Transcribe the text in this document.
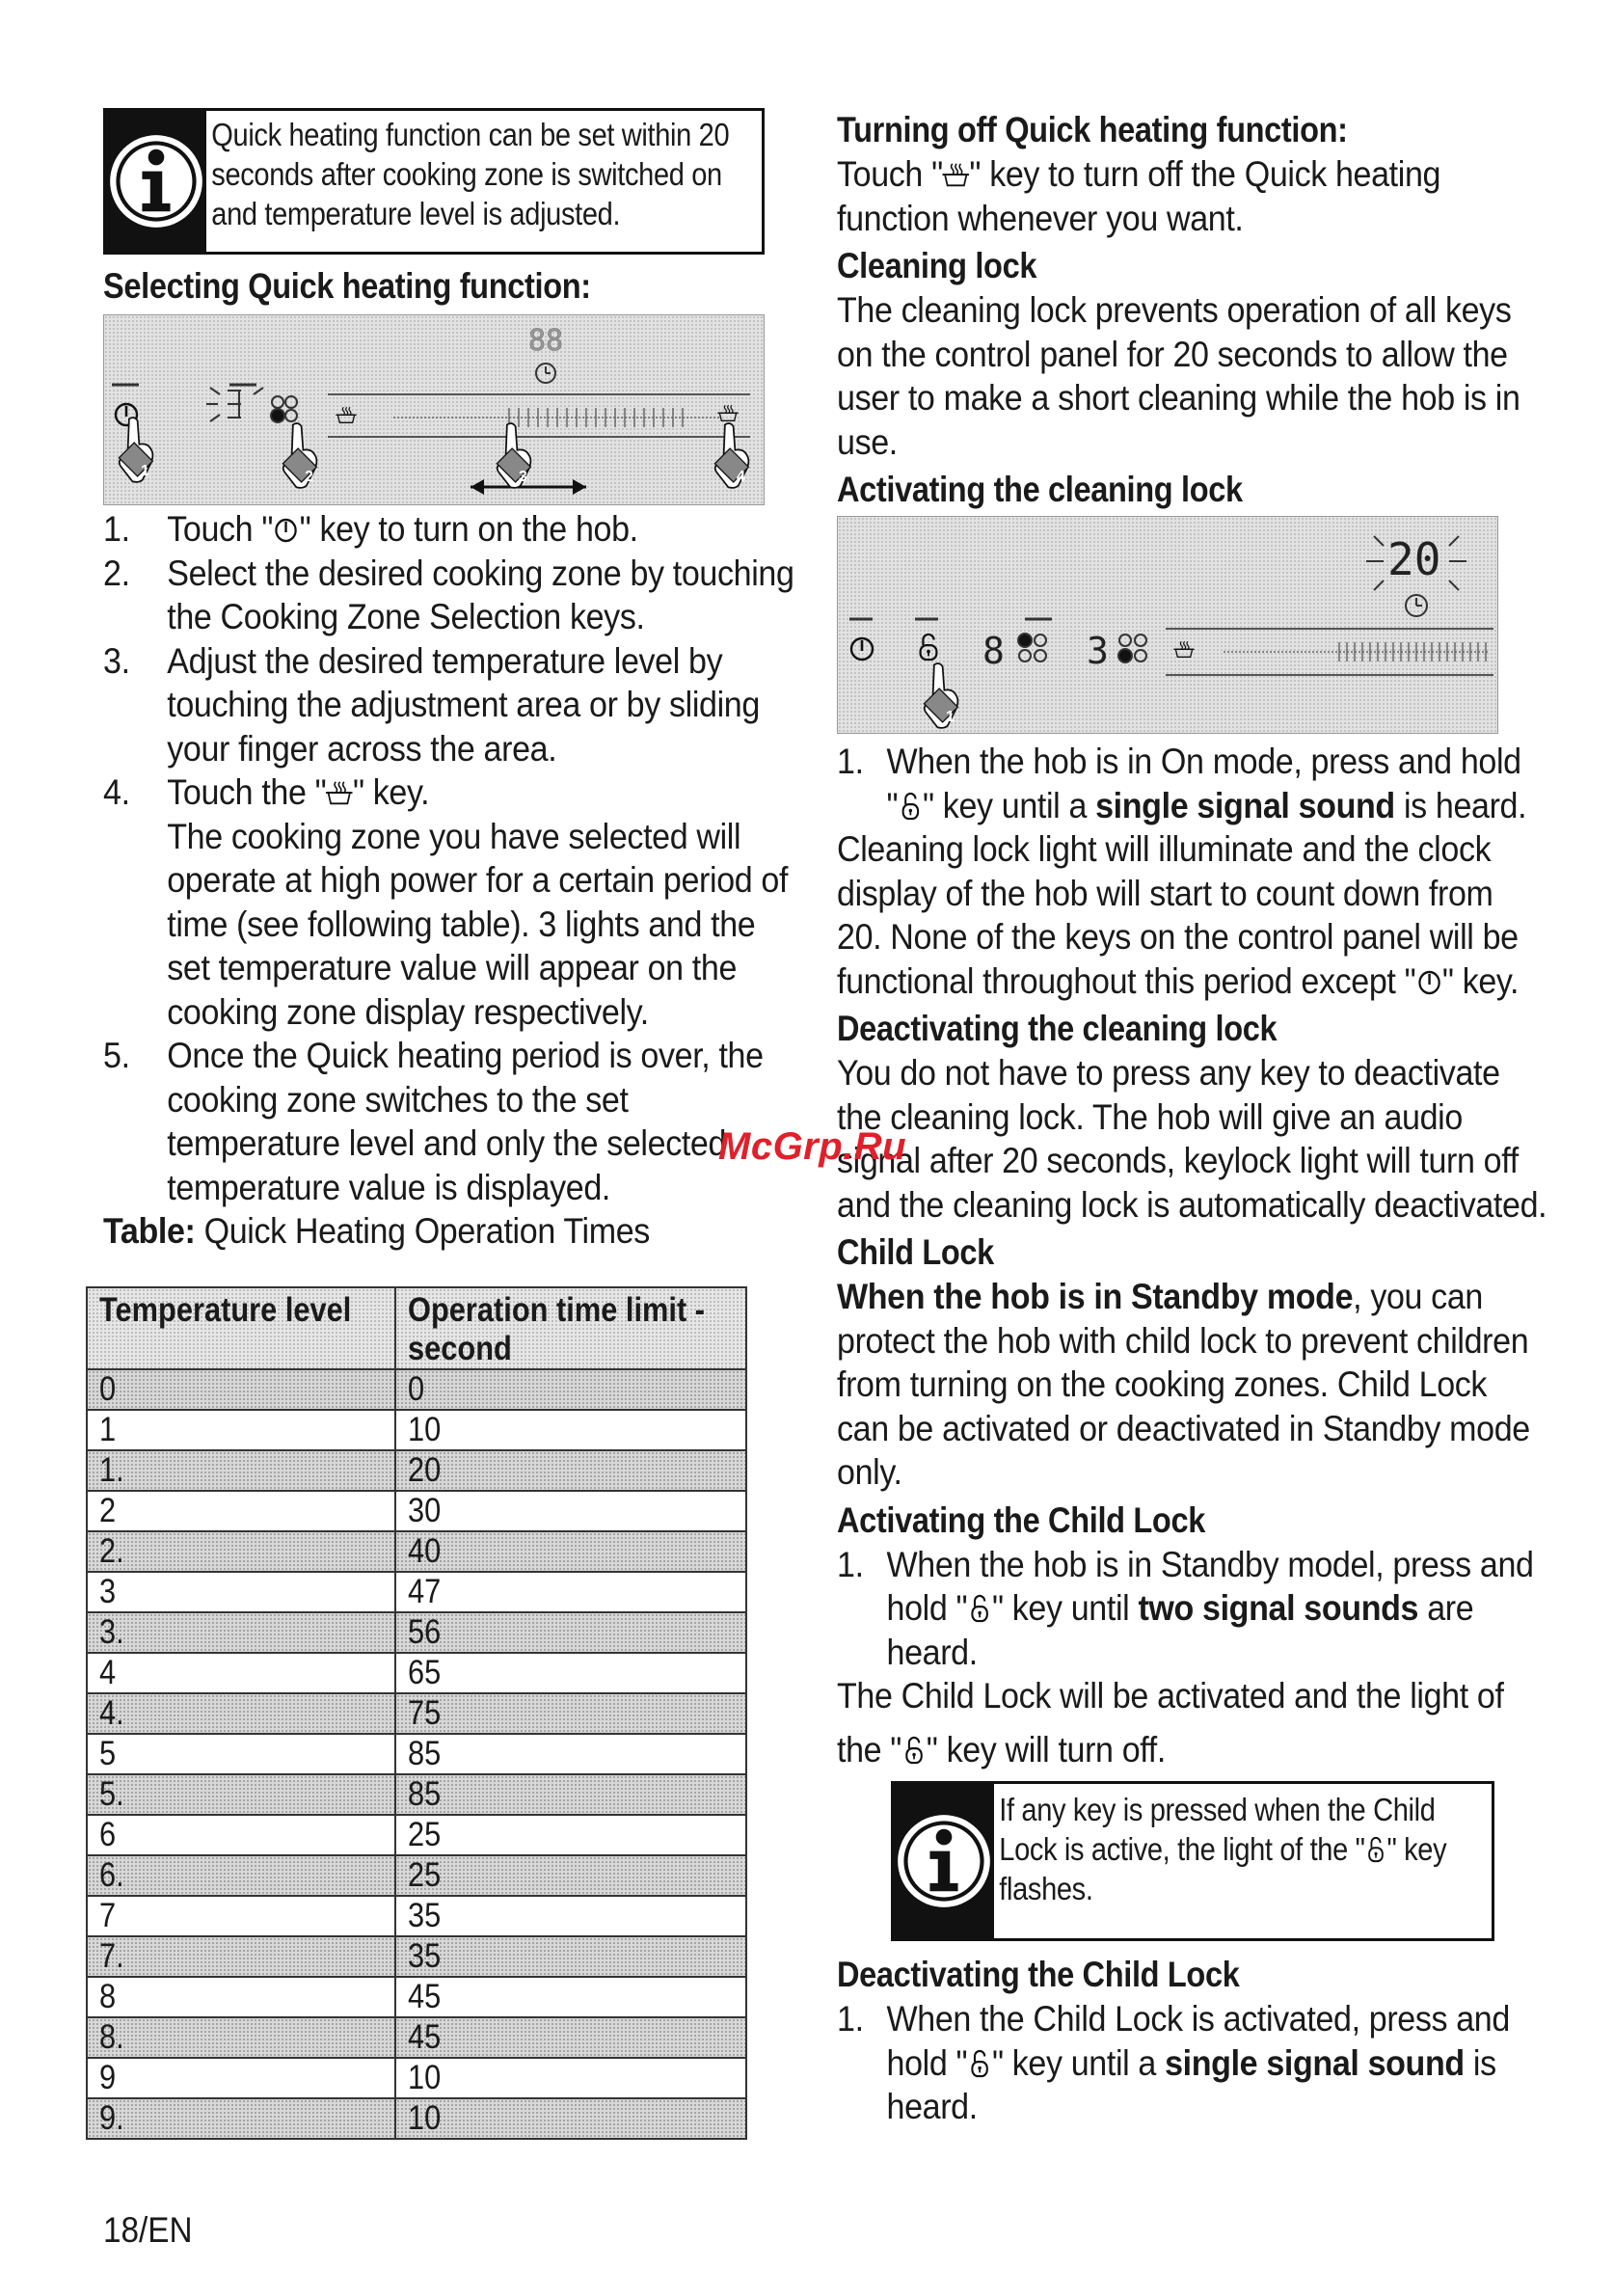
Quick heating function can be set within 20
seconds after cooking zone is switched on
and temperature level is adjusted.
Selecting Quick heating function:
88
1	2	3	4
1. Touch " " key to turn on the hob.
2. Select the desired cooking zone by touching
the Cooking Zone Selection keys.
3. Adjust the desired temperature level by
touching the adjustment area or by sliding
your finger across the area.
4. Touch the " " key.
The cooking zone you have selected will
operate at high power for a certain period of
time (see following table). 3 lights and the
set temperature value will appear on the
cooking zone display respectively.
5. Once the Quick heating period is over, the
cooking zone switches to the set
temperature level and only the selected
temperature value is displayed.
Table: Quick Heating Operation Times
Temperature level	Operation time limit -
second
0	0
1	10
1.	20
2	30
2.	40
3	47
3.	56
4	65
4.	75
5	85
5.	85
6	25
6.	25
7	35
7.	35
8	45
8.	45
9	10
9.	10
Turning off Quick heating function:
Touch " " key to turn off the Quick heating
function whenever you want.
Cleaning lock
The cleaning lock prevents operation of all keys
on the control panel for 20 seconds to allow the
user to make a short cleaning while the hob is in
use.
Activating the cleaning lock
20
8 3
1
1. When the hob is in On mode, press and hold
" " key until a single signal sound is heard.
Cleaning lock light will illuminate and the clock
display of the hob will start to count down from
20. None of the keys on the control panel will be
functional throughout this period except " " key.
Deactivating the cleaning lock
You do not have to press any key to deactivate
the cleaning lock. The hob will give an audio
signal after 20 seconds, keylock light will turn off
and the cleaning lock is automatically deactivated.
Child Lock
When the hob is in Standby mode, you can
protect the hob with child lock to prevent children
from turning on the cooking zones. Child Lock
can be activated or deactivated in Standby mode
only.
Activating the Child Lock
1. When the hob is in Standby model, press and
hold " " key until two signal sounds are
heard.
The Child Lock will be activated and the light of
the " " key will turn off.
If any key is pressed when the Child
Lock is active, the light of the " " key
flashes.
Deactivating the Child Lock
1. When the Child Lock is activated, press and
hold " " key until a single signal sound is
heard.
McGrp.Ru
18/EN
